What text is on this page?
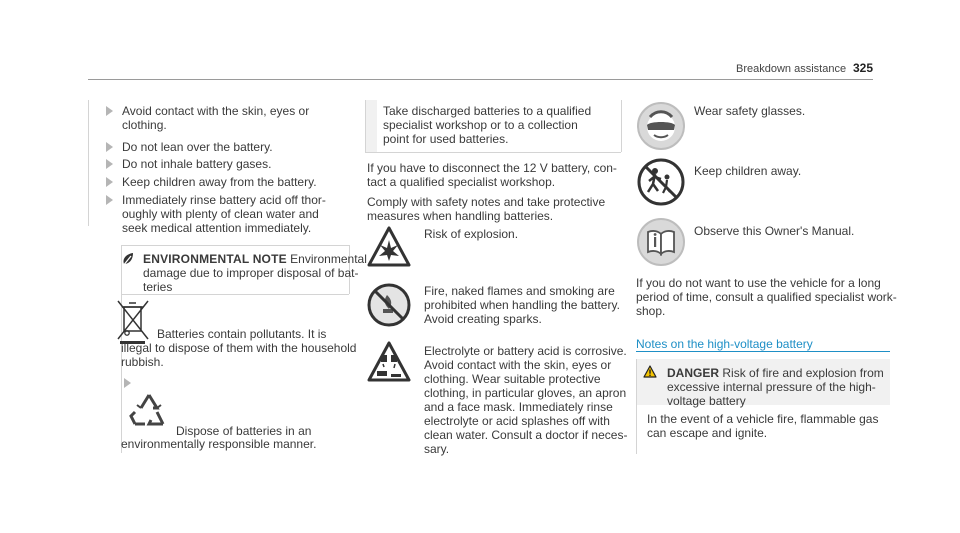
Breakdown assistance 325
Avoid contact with the skin, eyes or
clothing.
Do not lean over the battery.
Do not inhale battery gases.
Keep children away from the battery.
Immediately rinse battery acid off thor-
oughly with plenty of clean water and
seek medical attention immediately.
ENVIRONMENTAL NOTE Environmental
damage due to improper disposal of bat-
teries
Batteries contain pollutants. It is
illegal to dispose of them with the household
rubbish.
Dispose of batteries in an
environmentally responsible manner.
Take discharged batteries to a qualified
specialist workshop or to a collection
point for used batteries.
If you have to disconnect the 12 V battery, con-
tact a qualified specialist workshop.
Comply with safety notes and take protective
measures when handling batteries.
Risk of explosion.
Fire, naked flames and smoking are
prohibited when handling the battery.
Avoid creating sparks.
Electrolyte or battery acid is corrosive.
Avoid contact with the skin, eyes or
clothing. Wear suitable protective
clothing, in particular gloves, an apron
and a face mask. Immediately rinse
electrolyte or acid splashes off with
clean water. Consult a doctor if neces-
sary.
Wear safety glasses.
Keep children away.
Observe this Owner's Manual.
If you do not want to use the vehicle for a long
period of time, consult a qualified specialist work-
shop.
Notes on the high-voltage battery
DANGER Risk of fire and explosion from
excessive internal pressure of the high-
voltage battery
In the event of a vehicle fire, flammable gas
can escape and ignite.
